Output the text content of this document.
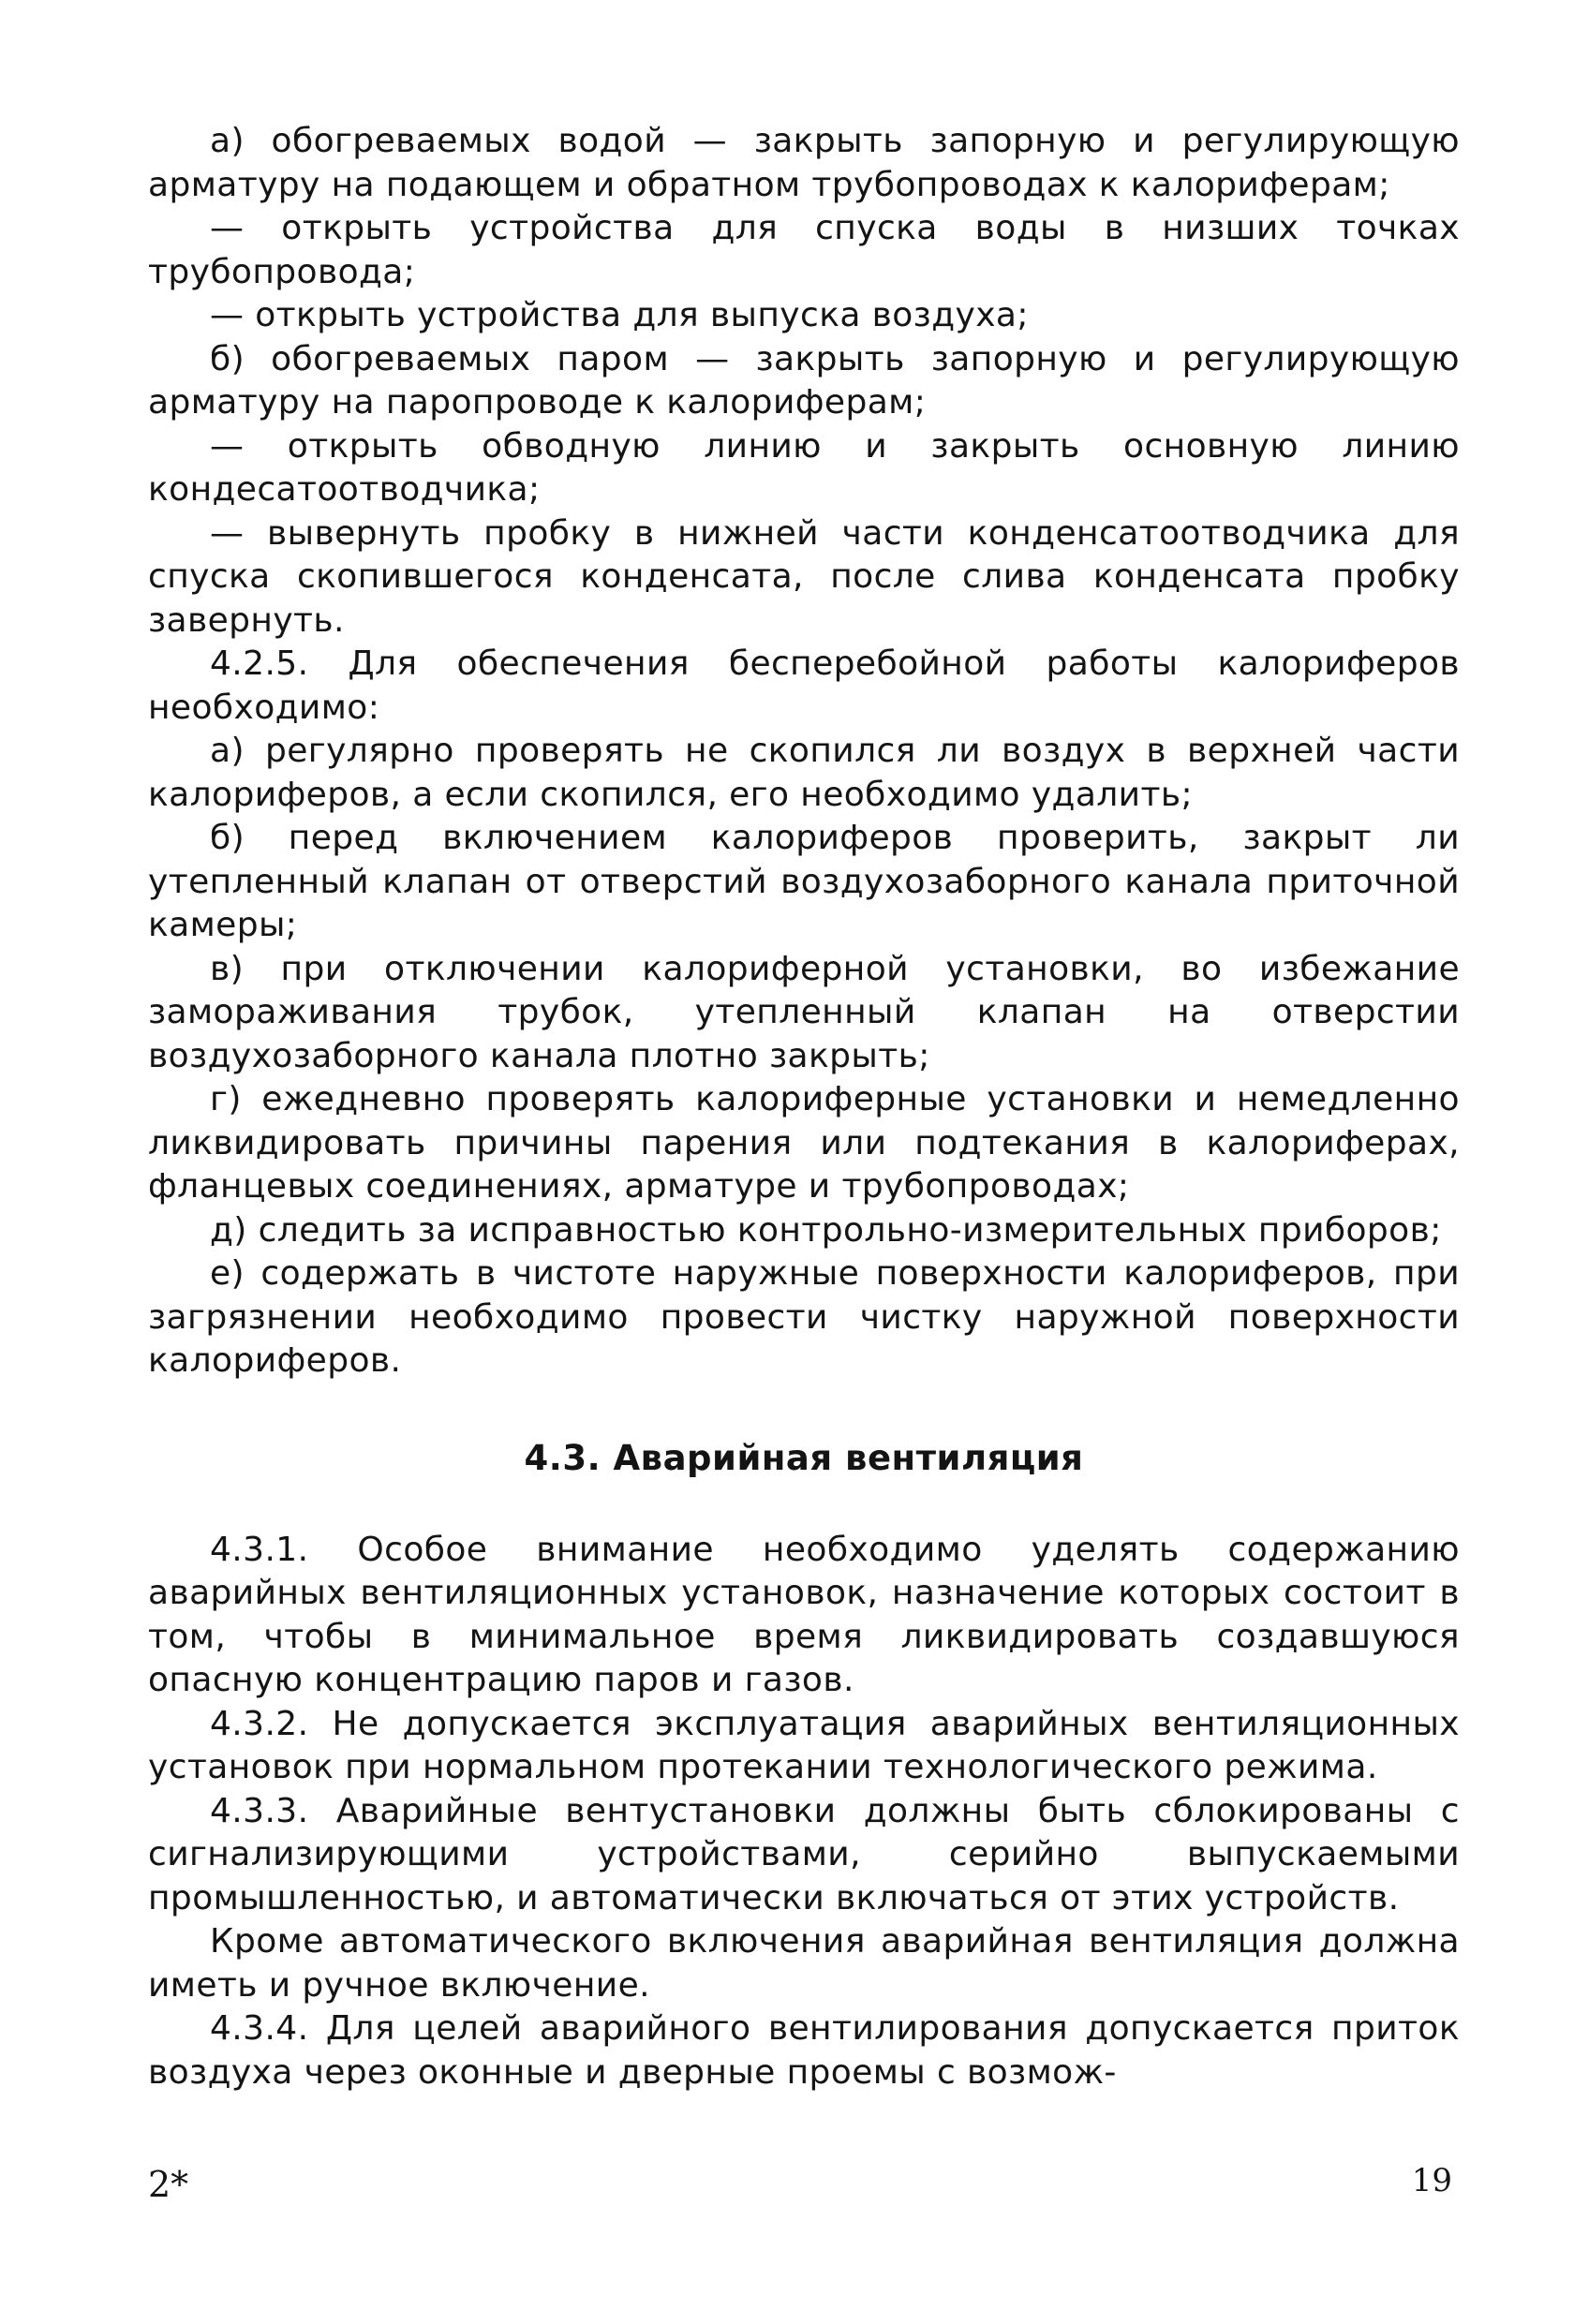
а) обогреваемых водой — закрыть запорную и регулирующую арматуру на подающем и обратном трубопроводах к калориферам;

— открыть устройства для спуска воды в низших точках трубопровода;

— открыть устройства для выпуска воздуха;

б) обогреваемых паром — закрыть запорную и регулирующую арматуру на паропроводе к калориферам;

— открыть обводную линию и закрыть основную линию кондесатоотводчика;

— вывернуть пробку в нижней части конденсатоотводчика для спуска скопившегося конденсата, после слива конденсата пробку завернуть.

4.2.5. Для обеспечения бесперебойной работы калориферов необходимо:

а) регулярно проверять не скопился ли воздух в верхней части калориферов, а если скопился, его необходимо удалить;

б) перед включением калориферов проверить, закрыт ли утепленный клапан от отверстий воздухозаборного канала приточной камеры;

в) при отключении калориферной установки, во избежание замораживания трубок, утепленный клапан на отверстии воздухозаборного канала плотно закрыть;

г) ежедневно проверять калориферные установки и немедленно ликвидировать причины парения или подтекания в калориферах, фланцевых соединениях, арматуре и трубопроводах;

д) следить за исправностью контрольно-измерительных приборов;

е) содержать в чистоте наружные поверхности калориферов, при загрязнении необходимо провести чистку наружной поверхности калориферов.

4.3. Аварийная вентиляция

4.3.1. Особое внимание необходимо уделять содержанию аварийных вентиляционных установок, назначение которых состоит в том, чтобы в минимальное время ликвидировать создавшуюся опасную концентрацию паров и газов.

4.3.2. Не допускается эксплуатация аварийных вентиляционных установок при нормальном протекании технологического режима.

4.3.3. Аварийные вентустановки должны быть сблокированы с сигнализирующими устройствами, серийно выпускаемыми промышленностью, и автоматически включаться от этих устройств.

Кроме автоматического включения аварийная вентиляция должна иметь и ручное включение.

4.3.4. Для целей аварийного вентилирования допускается приток воздуха через оконные и дверные проемы с возмож-

2*	19
